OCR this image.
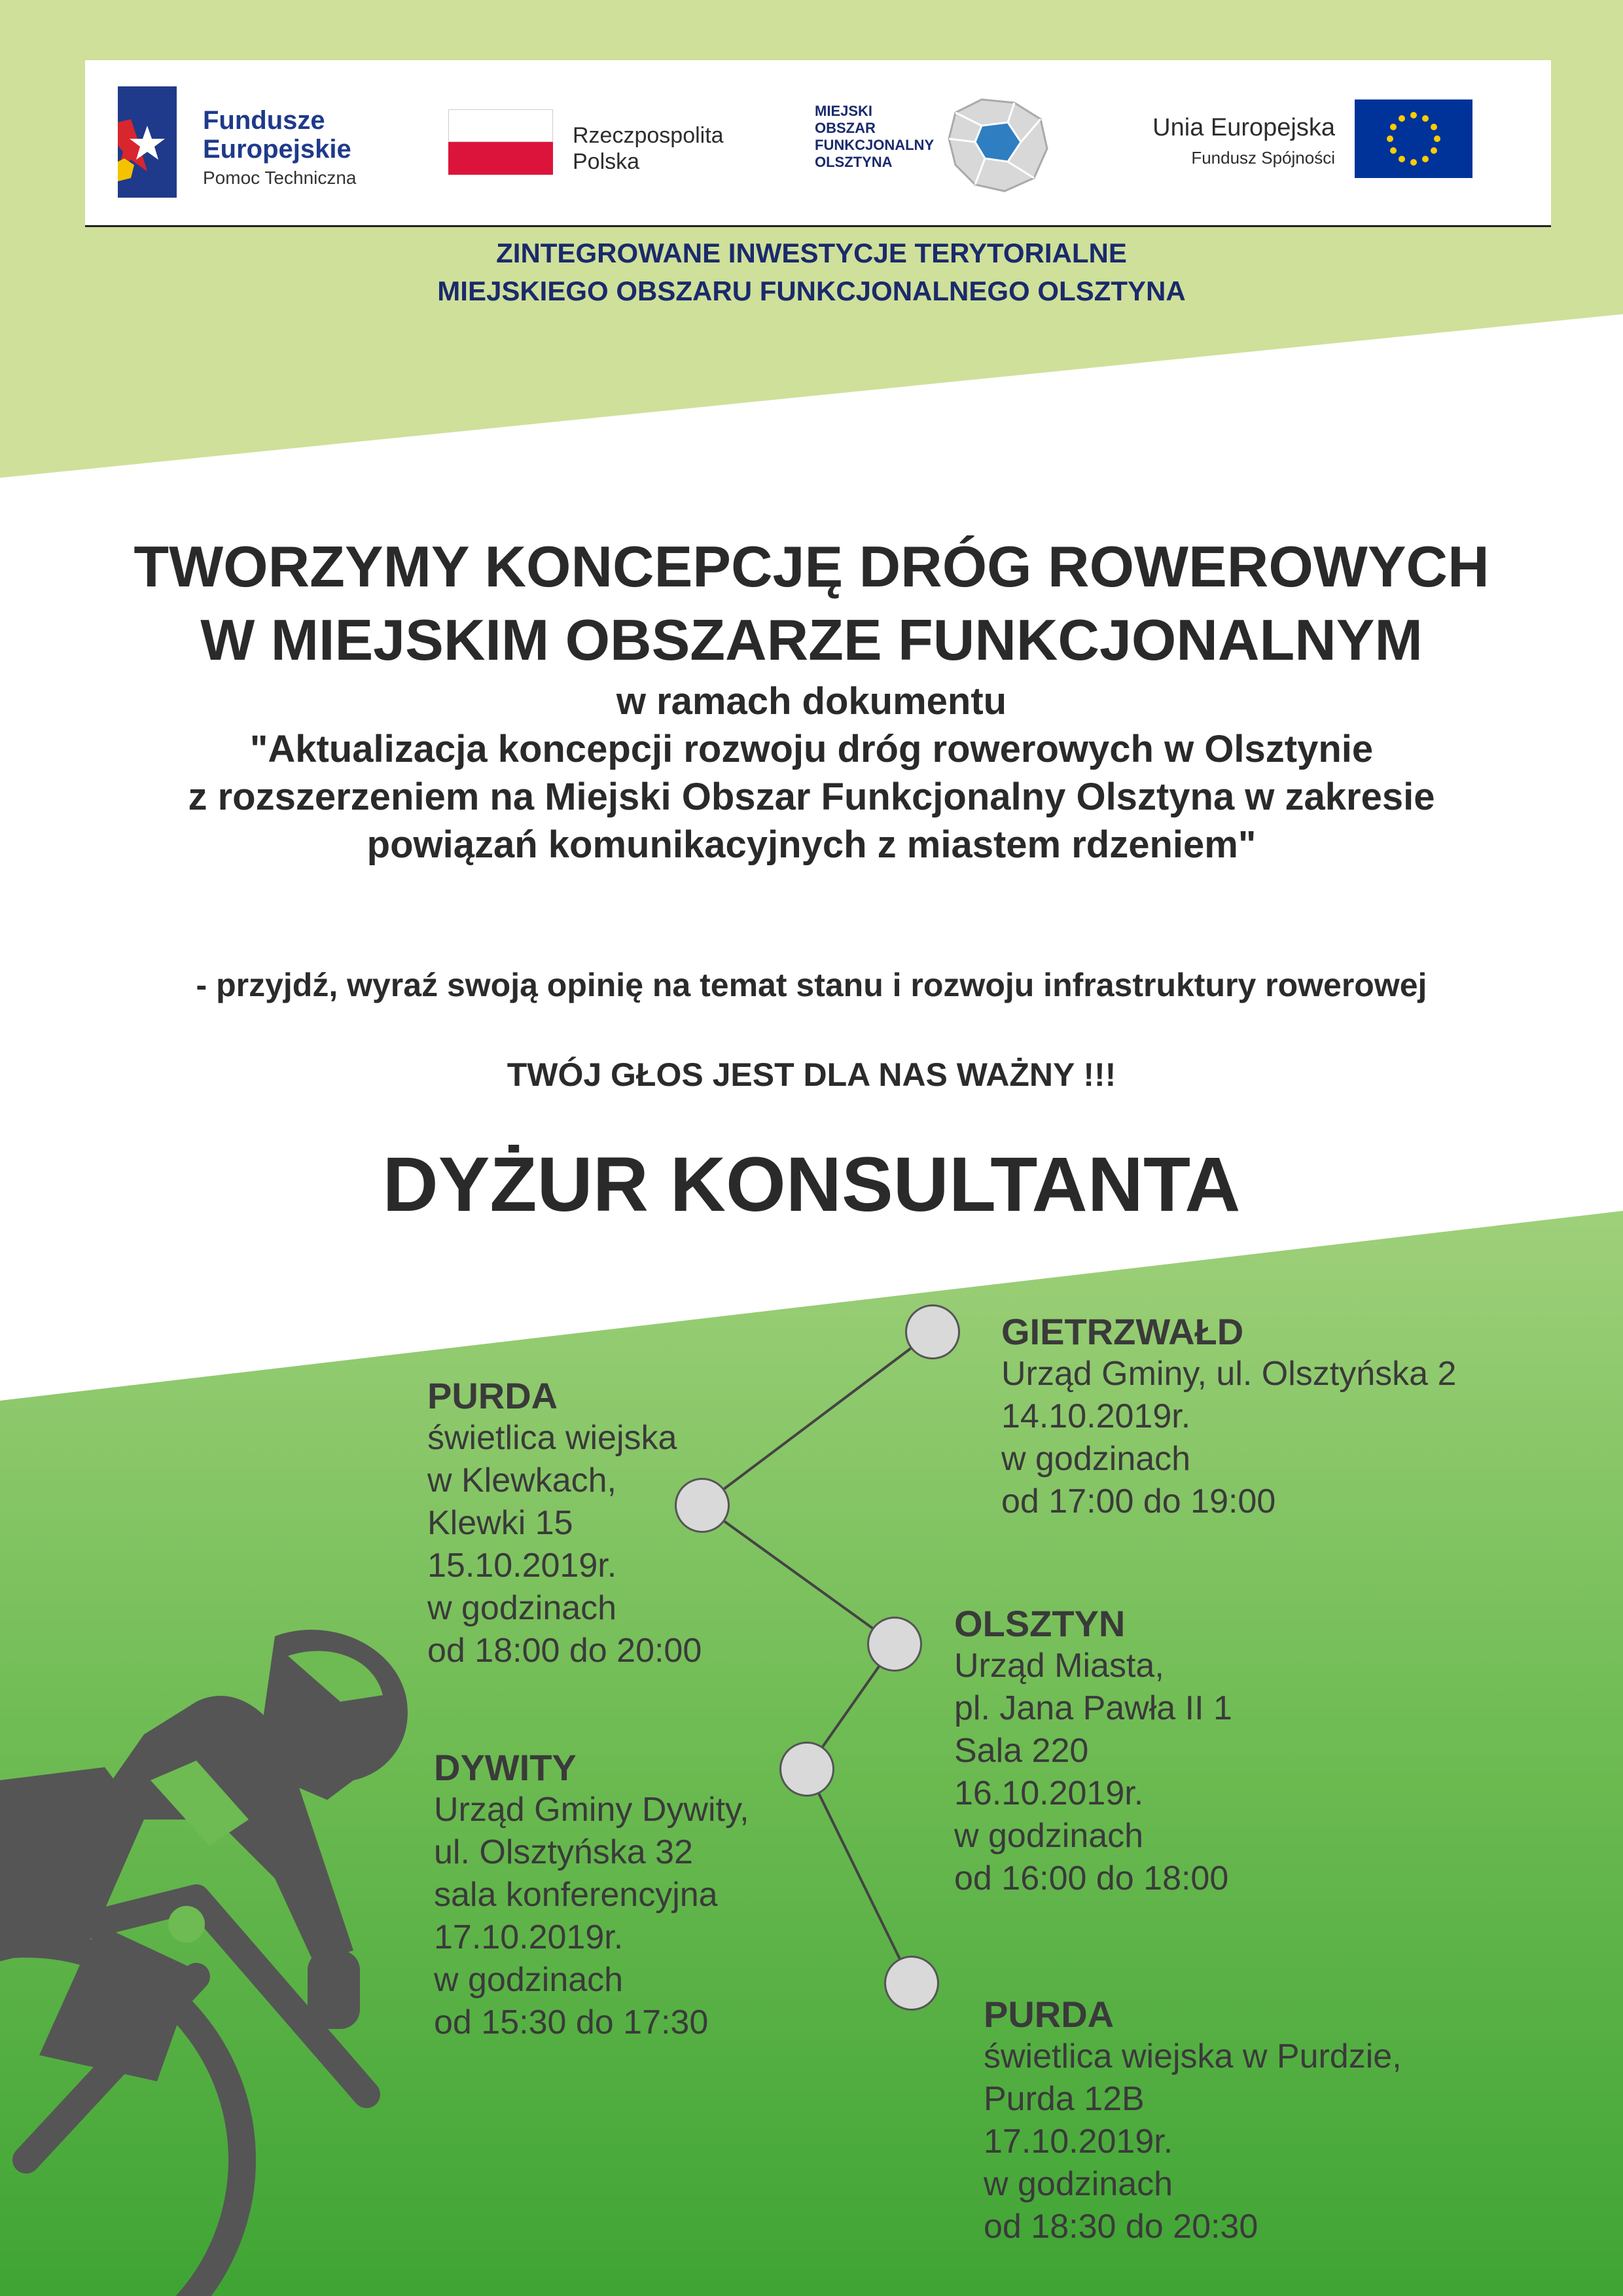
Fundusze
Europejskie
Pomoc Techniczna
Rzeczpospolita
Polska
MIEJSKI
OBSZAR
FUNKCJONALNY
OLSZTYNA
Unia Europejska
Fundusz Spójności
ZINTEGROWANE INWESTYCJE TERYTORIALNE
MIEJSKIEGO OBSZARU FUNKCJONALNEGO OLSZTYNA
TWORZYMY KONCEPCJĘ DRÓG ROWEROWYCH
W MIEJSKIM OBSZARZE FUNKCJONALNYM
w ramach dokumentu
"Aktualizacja koncepcji rozwoju dróg rowerowych w Olsztynie
z rozszerzeniem na Miejski Obszar Funkcjonalny Olsztyna w zakresie
powiązań komunikacyjnych z miastem rdzeniem"
- przyjdź, wyraź swoją opinię na temat stanu i rozwoju infrastruktury rowerowej
TWÓJ GŁOS JEST DLA NAS WAŻNY !!!
DYŻUR KONSULTANTA
PURDA
świetlica wiejska
w Klewkach,
Klewki 15
15.10.2019r.
w godzinach
od 18:00 do 20:00
GIETRZWAŁD
Urząd Gminy, ul. Olsztyńska 2
14.10.2019r.
w godzinach
od 17:00 do 19:00
OLSZTYN
Urząd Miasta,
pl. Jana Pawła II 1
Sala 220
16.10.2019r.
w godzinach
od 16:00 do 18:00
DYWITY
Urząd Gminy Dywity,
ul. Olsztyńska 32
sala konferencyjna
17.10.2019r.
w godzinach
od 15:30 do 17:30	PURDA
świetlica wiejska w Purdzie,
Purda 12B
17.10.2019r.
w godzinach
od 18:30 do 20:30
